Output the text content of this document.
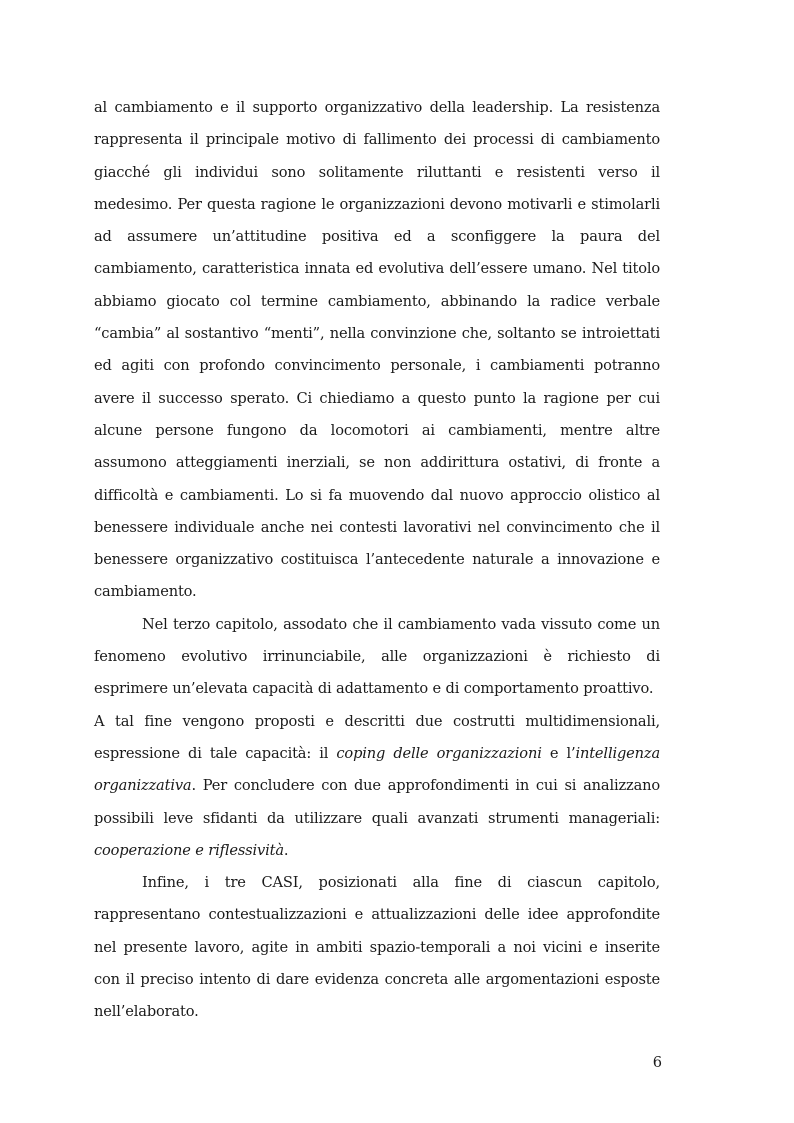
al cambiamento e il supporto organizzativo della leadership. La resistenza rappresenta il principale motivo di fallimento dei processi di cambiamento giacché gli individui sono solitamente riluttanti e resistenti verso il medesimo. Per questa ragione le organizzazioni devono motivarli e stimolarli ad assumere un’attitudine positiva ed a sconfiggere la paura del cambiamento, caratteristica innata ed evolutiva dell’essere umano. Nel titolo abbiamo giocato col termine cambiamento, abbinando la radice verbale “cambia” al sostantivo “menti”, nella convinzione che, soltanto se introiettati ed agiti con profondo convincimento personale, i cambiamenti potranno avere il successo sperato. Ci chiediamo a questo punto la ragione per cui alcune persone fungono da locomotori ai cambiamenti, mentre altre assumono atteggiamenti inerziali, se non addirittura ostativi, di fronte a difficoltà e cambiamenti. Lo si fa muovendo dal nuovo approccio olistico al benessere individuale anche nei contesti lavorativi nel convincimento che il benessere organizzativo costituisca l’antecedente naturale a innovazione e cambiamento.

Nel terzo capitolo, assodato che il cambiamento vada vissuto come un fenomeno evolutivo irrinunciabile, alle organizzazioni è richiesto di esprimere un’elevata capacità di adattamento e di comportamento proattivo.

A tal fine vengono proposti e descritti due costrutti multidimensionali, espressione di tale capacità: il coping delle organizzazioni e l’intelligenza organizzativa. Per concludere con due approfondimenti in cui si analizzano possibili leve sfidanti da utilizzare quali avanzati strumenti manageriali: cooperazione e riflessività.

Infine, i tre CASI, posizionati alla fine di ciascun capitolo, rappresentano contestualizzazioni e attualizzazioni delle idee approfondite nel presente lavoro, agite in ambiti spazio-temporali a noi vicini e inserite con il preciso intento di dare evidenza concreta alle argomentazioni esposte nell’elaborato.

6
